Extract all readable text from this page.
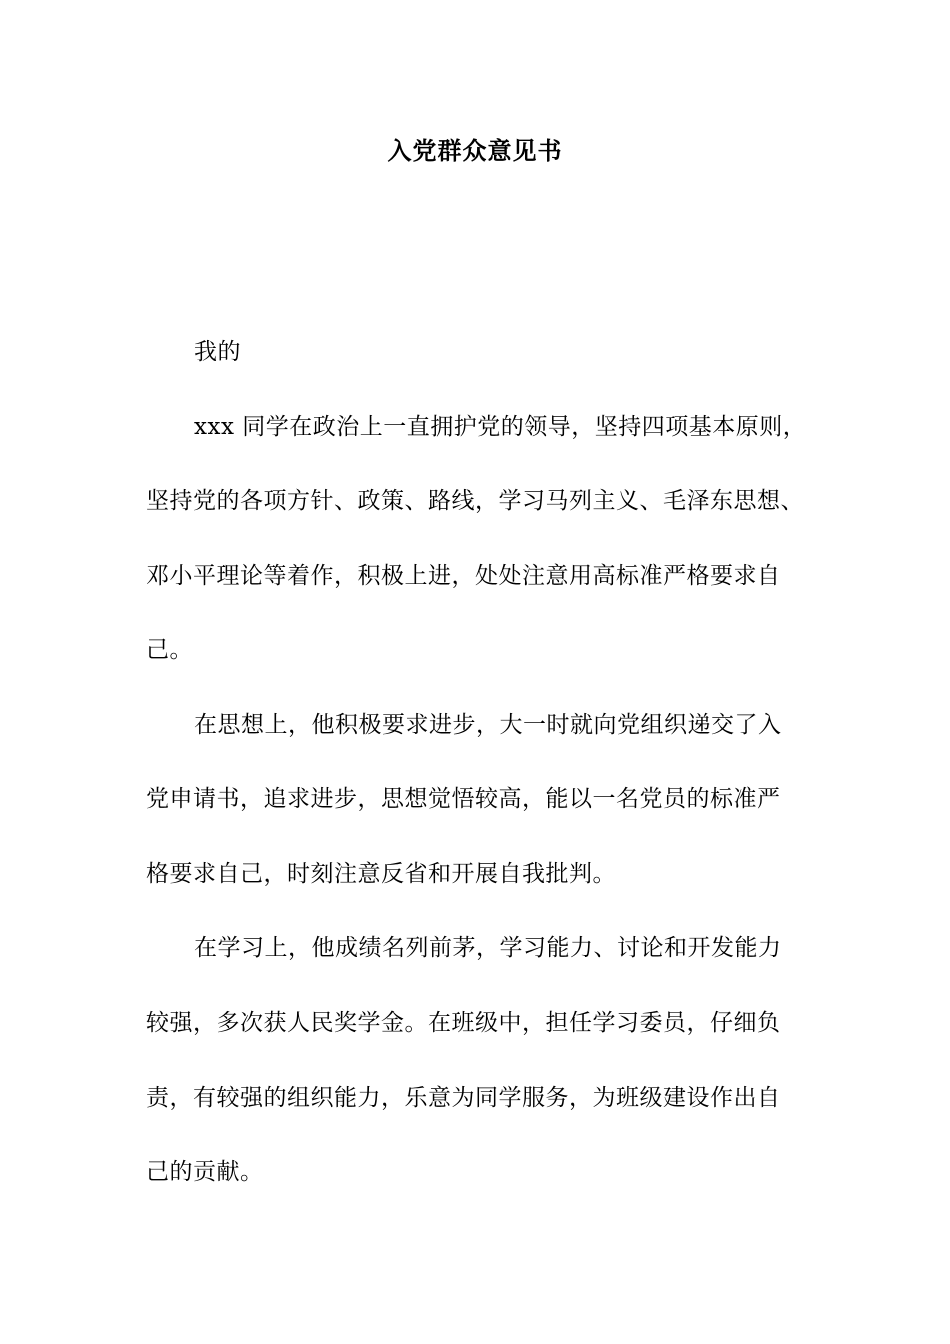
入党群众意见书
我的
xxx 同学在政治上一直拥护党的领导，坚持四项基本原则，
坚持党的各项方针、政策、路线，学习马列主义、毛泽东思想、
邓小平理论等着作，积极上进，处处注意用高标准严格要求自
己。
在思想上，他积极要求进步，大一时就向党组织递交了入
党申请书，追求进步，思想觉悟较高，能以一名党员的标准严
格要求自己，时刻注意反省和开展自我批判。
在学习上，他成绩名列前茅，学习能力、讨论和开发能力
较强，多次获人民奖学金。在班级中，担任学习委员，仔细负
责，有较强的组织能力，乐意为同学服务，为班级建设作出自
己的贡献。
